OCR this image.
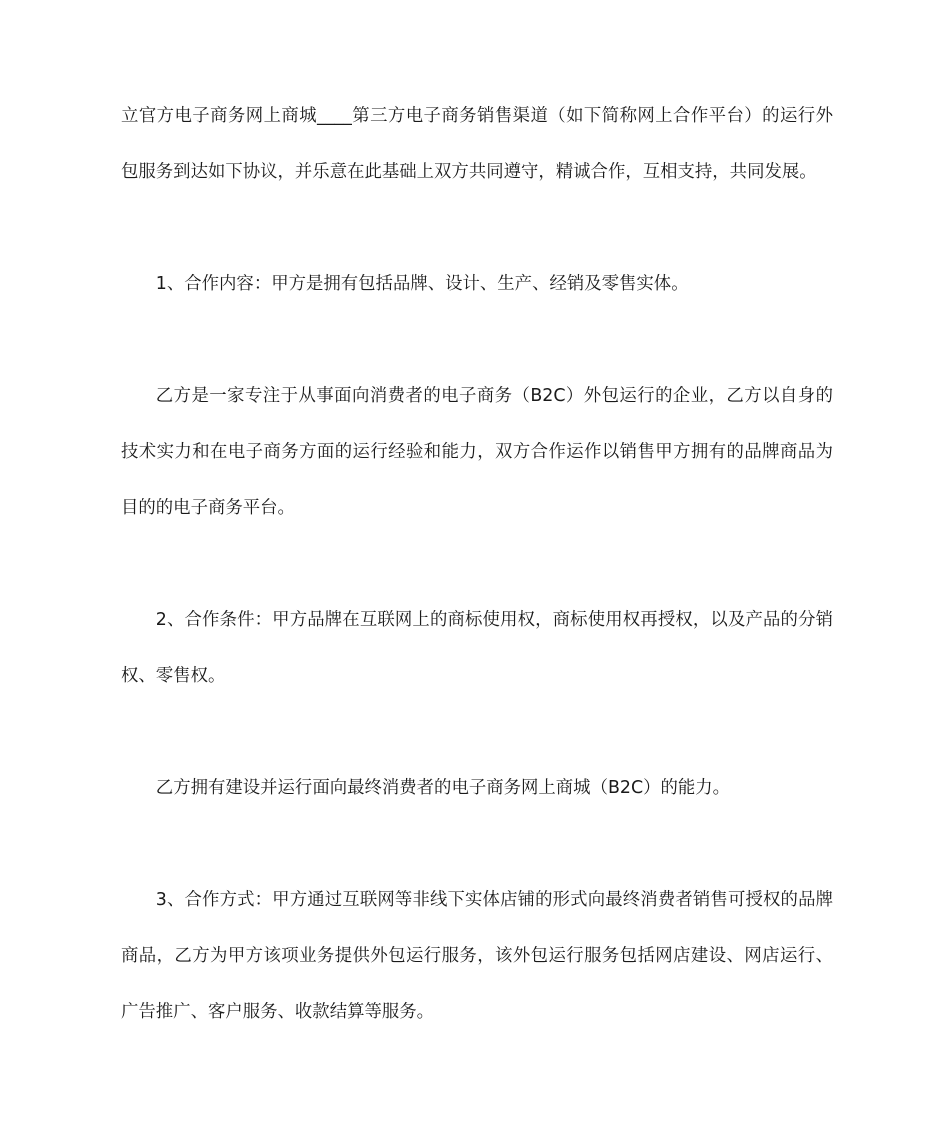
立官方电子商务网上商城____第三方电子商务销售渠道（如下简称网上合作平台）的运行外包服务到达如下协议，并乐意在此基础上双方共同遵守，精诚合作，互相支持，共同发展。

1、合作内容：甲方是拥有包括品牌、设计、生产、经销及零售实体。

乙方是一家专注于从事面向消费者的电子商务（B2C）外包运行的企业，乙方以自身的技术实力和在电子商务方面的运行经验和能力，双方合作运作以销售甲方拥有的品牌商品为目的的电子商务平台。

2、合作条件：甲方品牌在互联网上的商标使用权，商标使用权再授权，以及产品的分销权、零售权。

乙方拥有建设并运行面向最终消费者的电子商务网上商城（B2C）的能力。

3、合作方式：甲方通过互联网等非线下实体店铺的形式向最终消费者销售可授权的品牌商品，乙方为甲方该项业务提供外包运行服务，该外包运行服务包括网店建设、网店运行、广告推广、客户服务、收款结算等服务。
